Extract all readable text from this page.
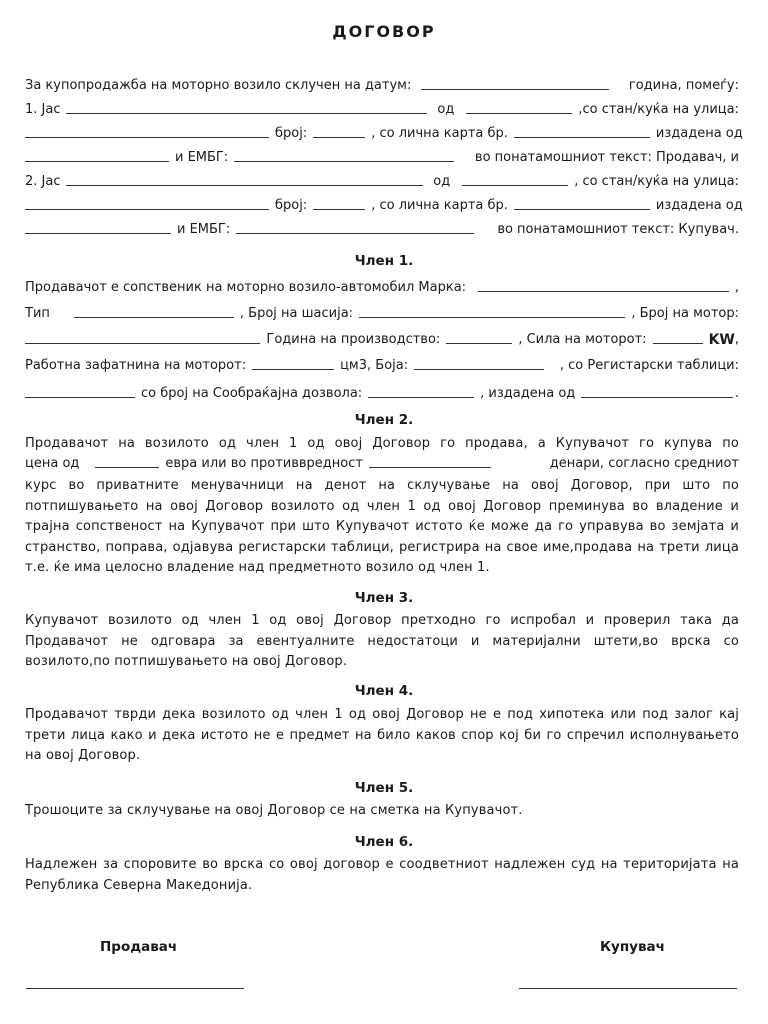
ДОГОВОР
За купопродажба на моторно возило склучен на датум:	година, помеѓу:
1. Јас	од	,со стан/куќа на улица:
број:	, со лична карта бр.	издадена од
и ЕМБГ:	во понатамошниот текст: Продавач, и
2. Јас	од	, со стан/куќа на улица:
број:	, со лична карта бр.	издадена од
и ЕМБГ:	во понатамошниот текст: Купувач.
Член 1.
Продавачот е сопственик на моторно возило-автомобил Марка:	,
Тип	, Број на шасија:	, Број на мотор:
Година на производство:	, Сила на моторот:	KW ,
Работна зафатнина на моторот:	цм3, Боја:	, со Регистарски таблици:
со број на Сообраќајна дозвола:	, издадена од	.
Член 2.
Продавачот на возилото од член 1 од овој Договор го продава, а Купувачот го купува по
цена од	евра или во противвредност	денари, согласно средниот
курс во приватните менувачници на денот на склучување на овој Договор, при што по потпишувањето на овој Договор возилото од член 1 од овој Договор преминува во владение и трајна сопственост на Купувачот при што Купувачот истото ќе може да го управува во земјата и странство, поправа, одјавува регистарски таблици, регистрира на свое име,продава на трети лица т.е. ќе има целосно владение над предметното возило од член 1.
Член 3.
Купувачот возилото од член 1 од овој Договор претходно го испробал и проверил така да Продавачот не одговара за евентуалните недостатоци и материјални штети,во врска со возилото,по потпишувањето на овој Договор.
Член 4.
Продавачот тврди дека возилото од член 1 од овој Договор не е под хипотека или под залог кај трети лица како и дека истото не е предмет на било каков спор кој би го спречил исполнувањето на овој Договор.
Член 5.
Трошоците за склучување на овој Договор се на сметка на Купувачот.
Член 6.
Надлежен за споровите во врска со овој договор е соодветниот надлежен суд на територијата на Република Северна Македонија.
Продавач	Купувач
